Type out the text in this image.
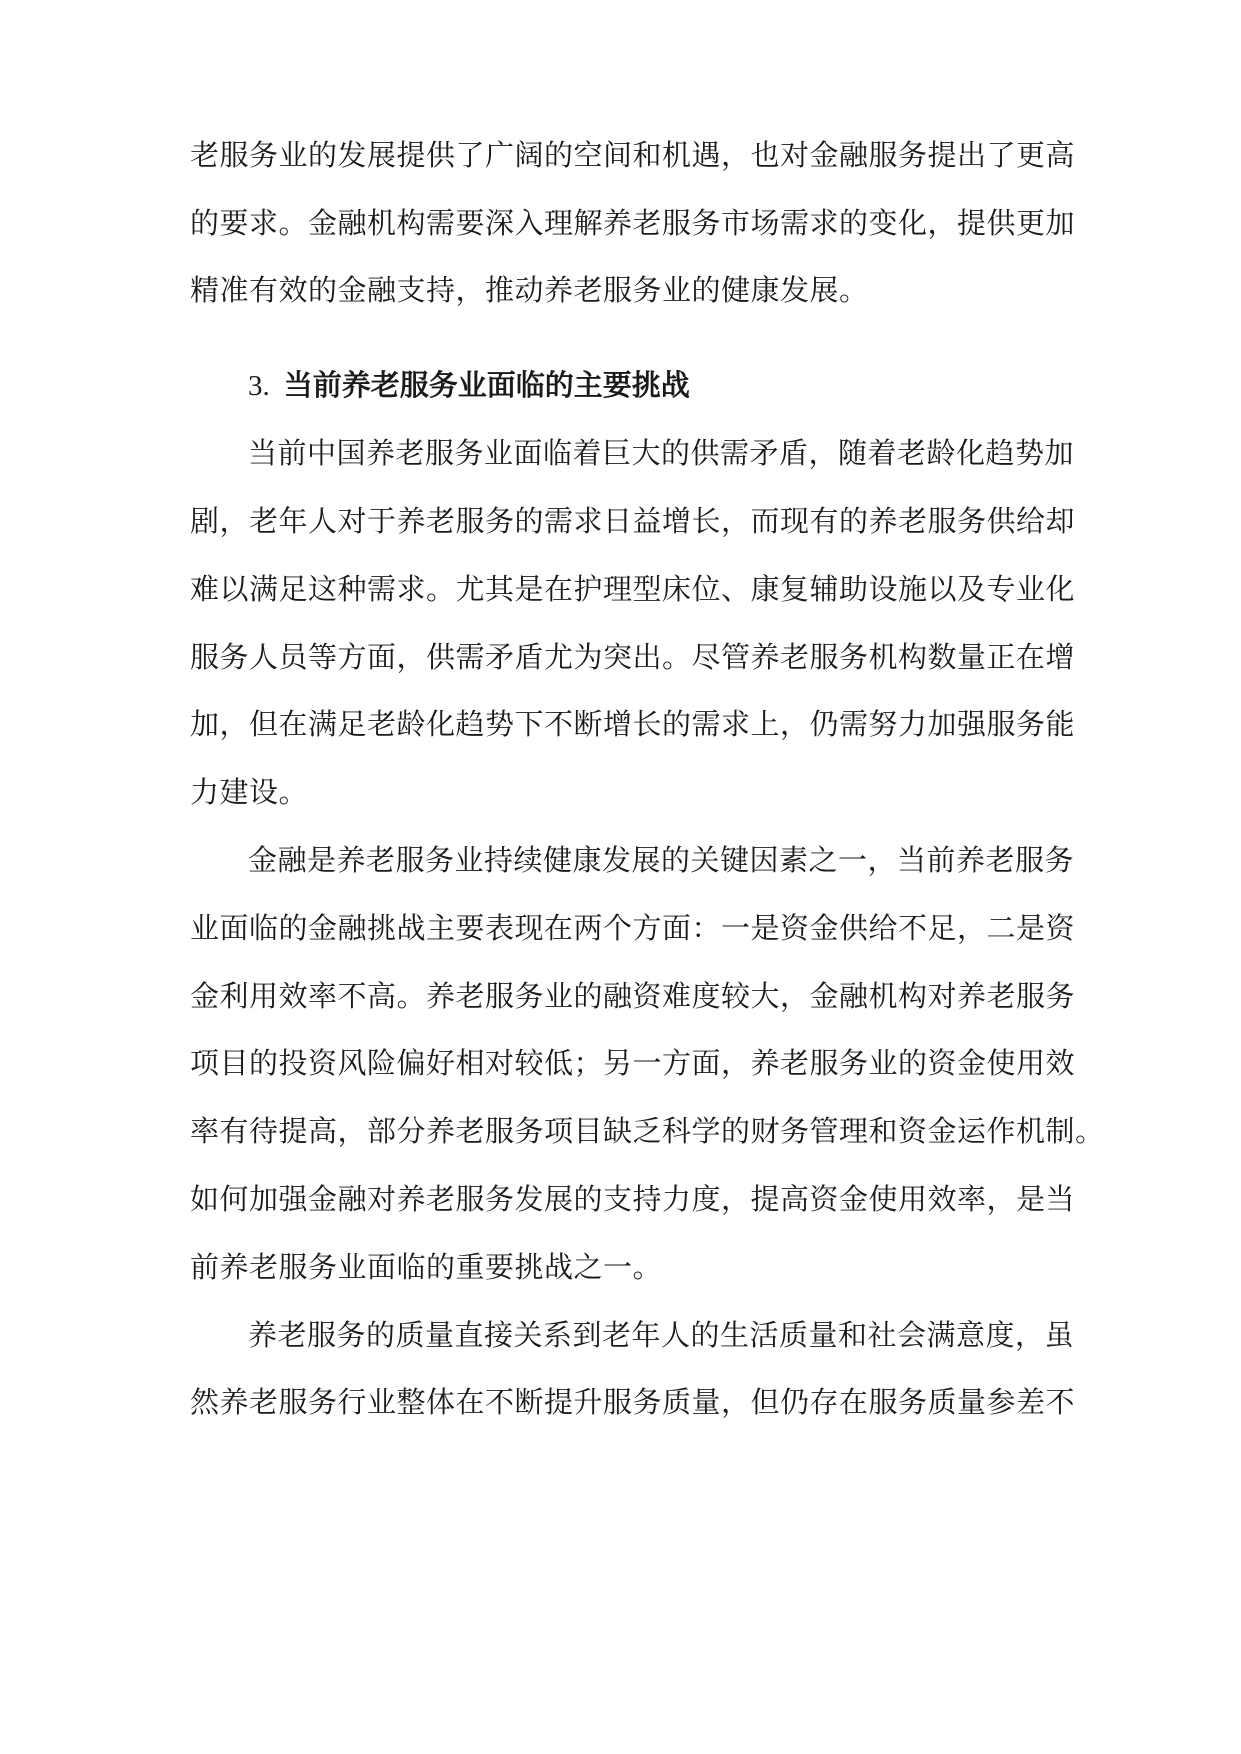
老服务业的发展提供了广阔的空间和机遇，也对金融服务提出了更高
的要求。金融机构需要深入理解养老服务市场需求的变化，提供更加
精准有效的金融支持，推动养老服务业的健康发展。
3. 当前养老服务业面临的主要挑战
当前中国养老服务业面临着巨大的供需矛盾，随着老龄化趋势加
剧，老年人对于养老服务的需求日益增长，而现有的养老服务供给却
难以满足这种需求。尤其是在护理型床位、康复辅助设施以及专业化
服务人员等方面，供需矛盾尤为突出。尽管养老服务机构数量正在增
加，但在满足老龄化趋势下不断增长的需求上，仍需努力加强服务能
力建设。
金融是养老服务业持续健康发展的关键因素之一，当前养老服务
业面临的金融挑战主要表现在两个方面：一是资金供给不足，二是资
金利用效率不高。养老服务业的融资难度较大，金融机构对养老服务
项目的投资风险偏好相对较低；另一方面，养老服务业的资金使用效
率有待提高，部分养老服务项目缺乏科学的财务管理和资金运作机制。
如何加强金融对养老服务发展的支持力度，提高资金使用效率，是当
前养老服务业面临的重要挑战之一。
养老服务的质量直接关系到老年人的生活质量和社会满意度，虽
然养老服务行业整体在不断提升服务质量，但仍存在服务质量参差不
